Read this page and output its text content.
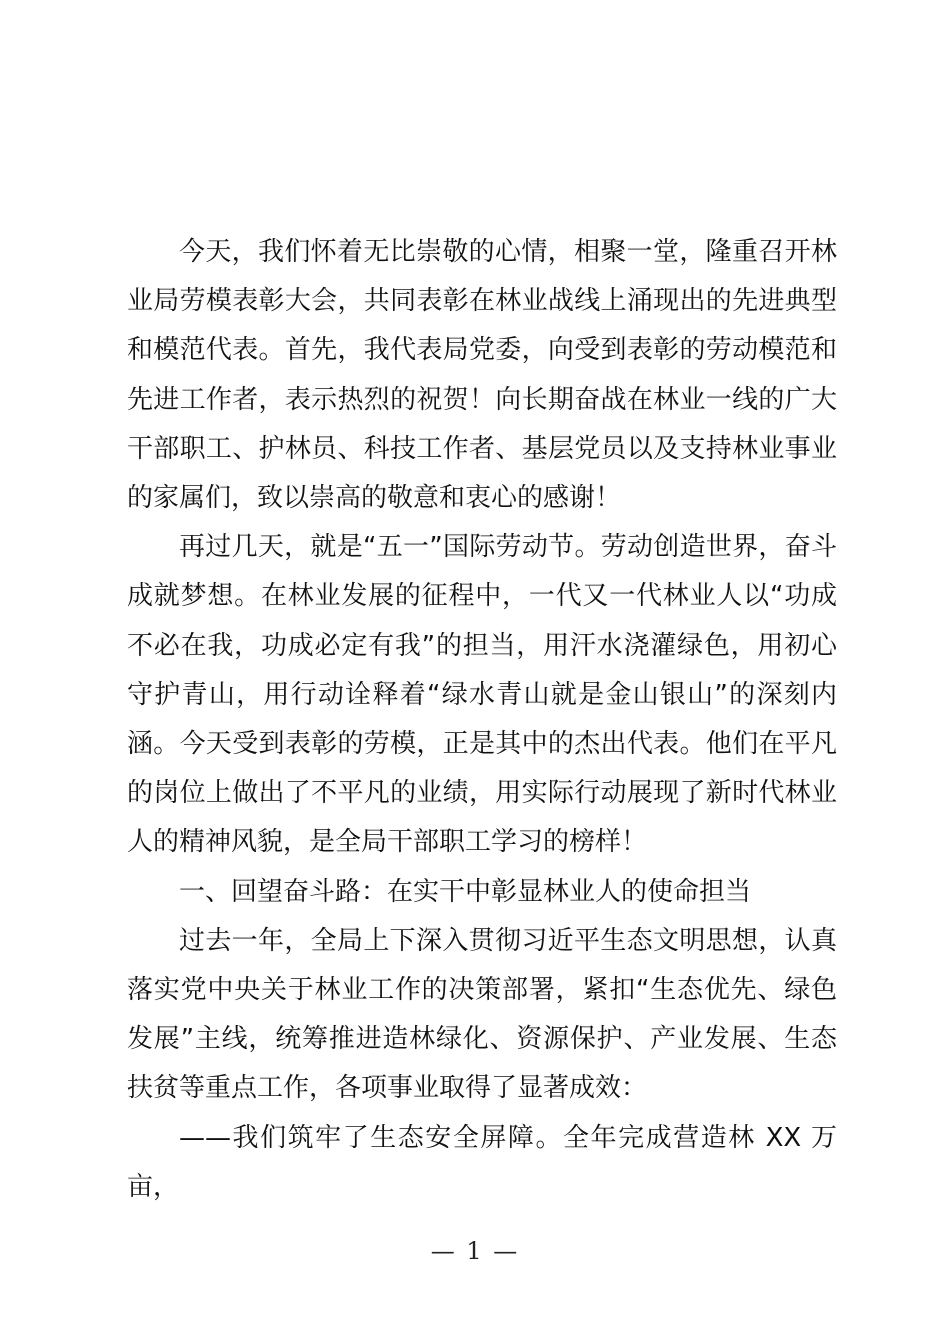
今天，我们怀着无比崇敬的心情，相聚一堂，隆重召开林业局劳模表彰大会，共同表彰在林业战线上涌现出的先进典型和模范代表。首先，我代表局党委，向受到表彰的劳动模范和先进工作者，表示热烈的祝贺！向长期奋战在林业一线的广大干部职工、护林员、科技工作者、基层党员以及支持林业事业的家属们，致以崇高的敬意和衷心的感谢！

再过几天，就是“五一”国际劳动节。劳动创造世界，奋斗成就梦想。在林业发展的征程中，一代又一代林业人以“功成不必在我，功成必定有我”的担当，用汗水浇灌绿色，用初心守护青山，用行动诠释着“绿水青山就是金山银山”的深刻内涵。今天受到表彰的劳模，正是其中的杰出代表。他们在平凡的岗位上做出了不平凡的业绩，用实际行动展现了新时代林业人的精神风貌，是全局干部职工学习的榜样！

一、回望奋斗路：在实干中彰显林业人的使命担当

过去一年，全局上下深入贯彻习近平生态文明思想，认真落实党中央关于林业工作的决策部署，紧扣“生态优先、绿色发展”主线，统筹推进造林绿化、资源保护、产业发展、生态扶贫等重点工作，各项事业取得了显著成效：

——我们筑牢了生态安全屏障。全年完成营造林 XX 万亩，

— 1 —
